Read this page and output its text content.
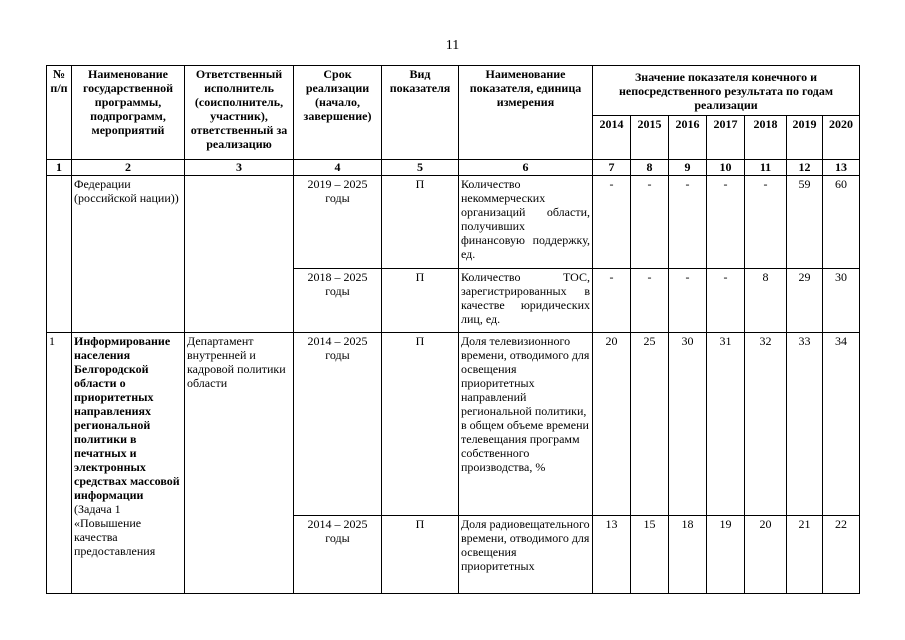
11
№ п/п	Наименование государственной программы, подпрограмм, мероприятий	Ответственный исполнитель (соисполнитель, участник), ответственный за реализацию	Срок реализации (начало, завершение)	Вид показателя	Наименование показателя, единица измерения	Значение показателя конечного и непосредственного результата по годам реализации						
						2014	2015	2016	2017	2018	2019	2020
1	2	3	4	5	6	7	8	9	10	11	12	13
	Федерации (российской нации))		2019 – 2025 годы	П	Количество некоммерческих организаций области, получивших финансовую поддержку, ед.	-	-	-	-	-	59	60
			2018 – 2025 годы	П	Количество ТОС, зарегистрированных в качестве юридических лиц, ед.	-	-	-	-	8	29	30
1	Информирование населения Белгородской области о приоритетных направлениях региональной политики в печатных и электронных средствах массовой информации (Задача 1 «Повышение качества предоставления	Департамент внутренней и кадровой политики области	2014 – 2025 годы	П	Доля телевизионного времени, отводимого для освещения приоритетных направлений региональной политики, в общем объеме времени телевещания программ собственного производства, %	20	25	30	31	32	33	34
			2014 – 2025 годы	П	Доля радиовещательного времени, отводимого для освещения приоритетных	13	15	18	19	20	21	22
